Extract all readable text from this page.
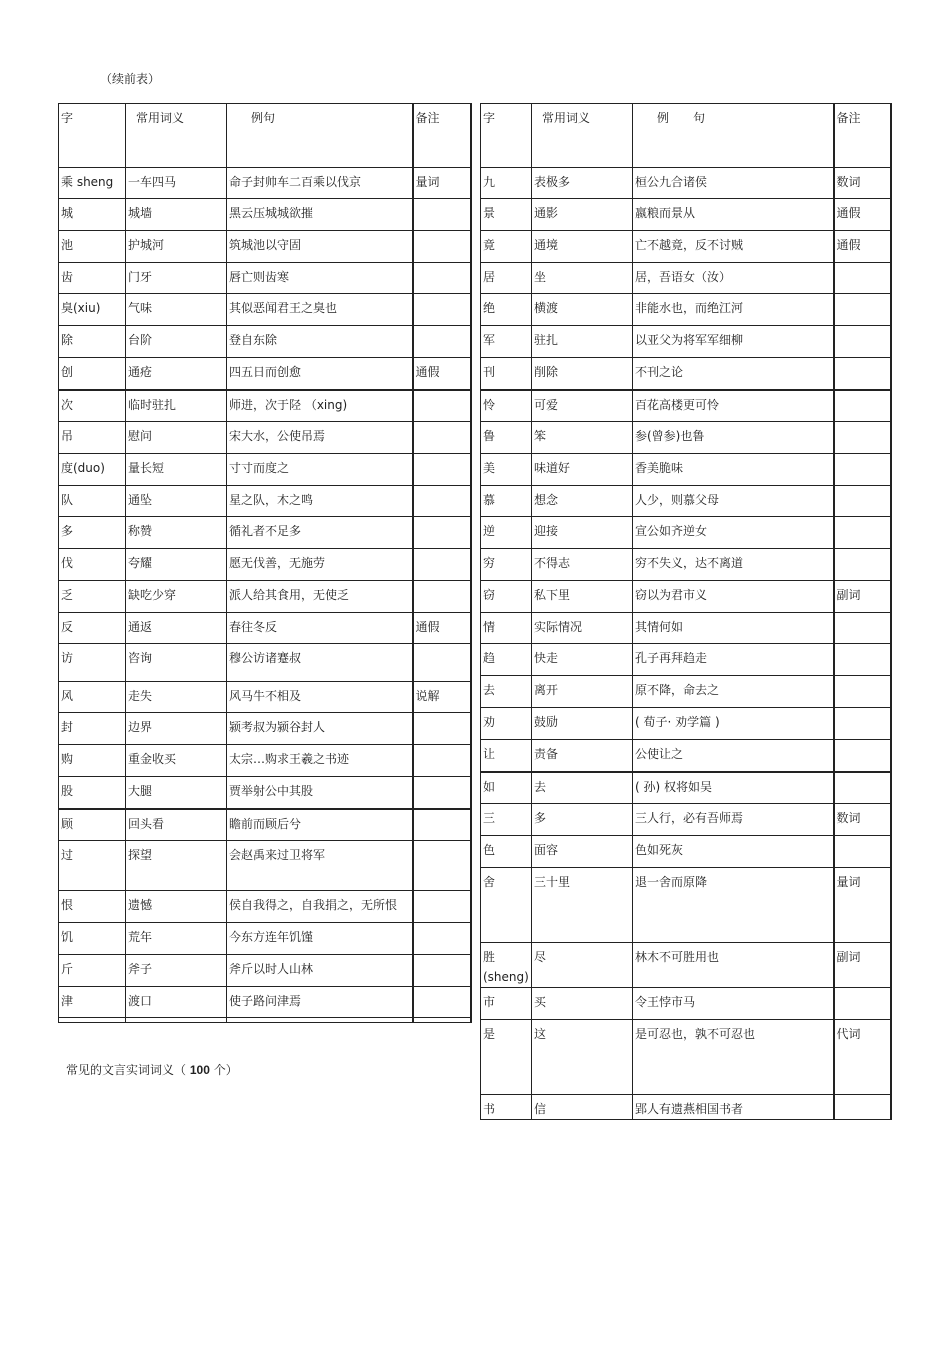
（续前表）
字	常用词义	例句	备注
乘 sheng	一车四马	命子封帅车二百乘以伐京	量词
城	城墙	黑云压城城欲摧	
池	护城河	筑城池以守固	
齿	门牙	唇亡则齿寒	
臭(xiu)	气味	其似恶闻君王之臭也	
除	台阶	登自东除	
创	通疮	四五日而创愈	通假
次	临时驻扎	师进，次于陉 （xing)	
吊	慰问	宋大水，公使吊焉	
度(duo)	量长短	寸寸而度之	
队	通坠	星之队，木之鸣	
多	称赞	循礼者不足多	
伐	夸耀	愿无伐善，无施劳	
乏	缺吃少穿	派人给其食用，无使乏	
反	通返	春往冬反	通假
访	咨询	穆公访诸蹇叔	
风	走失	风马牛不相及	说解
封	边界	颍考叔为颍谷封人	
购	重金收买	太宗…购求王羲之书迹	
股	大腿	贾举射公中其股	
顾	回头看	瞻前而顾后兮	
过	探望	会赵禹来过卫将军	
恨	遗憾	侯自我得之，自我捐之，无所恨	
饥	荒年	今东方连年饥馑	
斤	斧子	斧斤以时人山林	
津	渡口	使子路问津焉	

字	常用词义	例　　句	备注
九	表极多	桓公九合诸侯	数词
景	通影	嬴粮而景从	通假
竟	通境	亡不越竟，反不讨贼	通假
居	坐	居，吾语女（汝）	
绝	横渡	非能水也，而绝江河	
军	驻扎	以亚父为将军军细柳	
刊	削除	不刊之论	
怜	可爱	百花高楼更可怜	
鲁	笨	参(曾参)也鲁	
美	味道好	香美脆味	
慕	想念	人少，则慕父母	
逆	迎接	宣公如齐逆女	
穷	不得志	穷不失义，达不离道	
窃	私下里	窃以为君市义	副词
情	实际情况	其情何如	
趋	快走	孔子再拜趋走	
去	离开	原不降，命去之	
劝	鼓励	( 荀子· 劝学篇 )	
让	责备	公使让之	
如	去	( 孙) 权将如吴	
三	多	三人行，必有吾师焉	数词
色	面容	色如死灰	
舍	三十里	退一舍而原降	量词
胜(sheng)	尽	林木不可胜用也	副词
市	买	令王悖市马	
是	这	是可忍也，孰不可忍也	代词
书	信	郢人有遗燕相国书者	
常见的文言实词词义（ 100 个）
